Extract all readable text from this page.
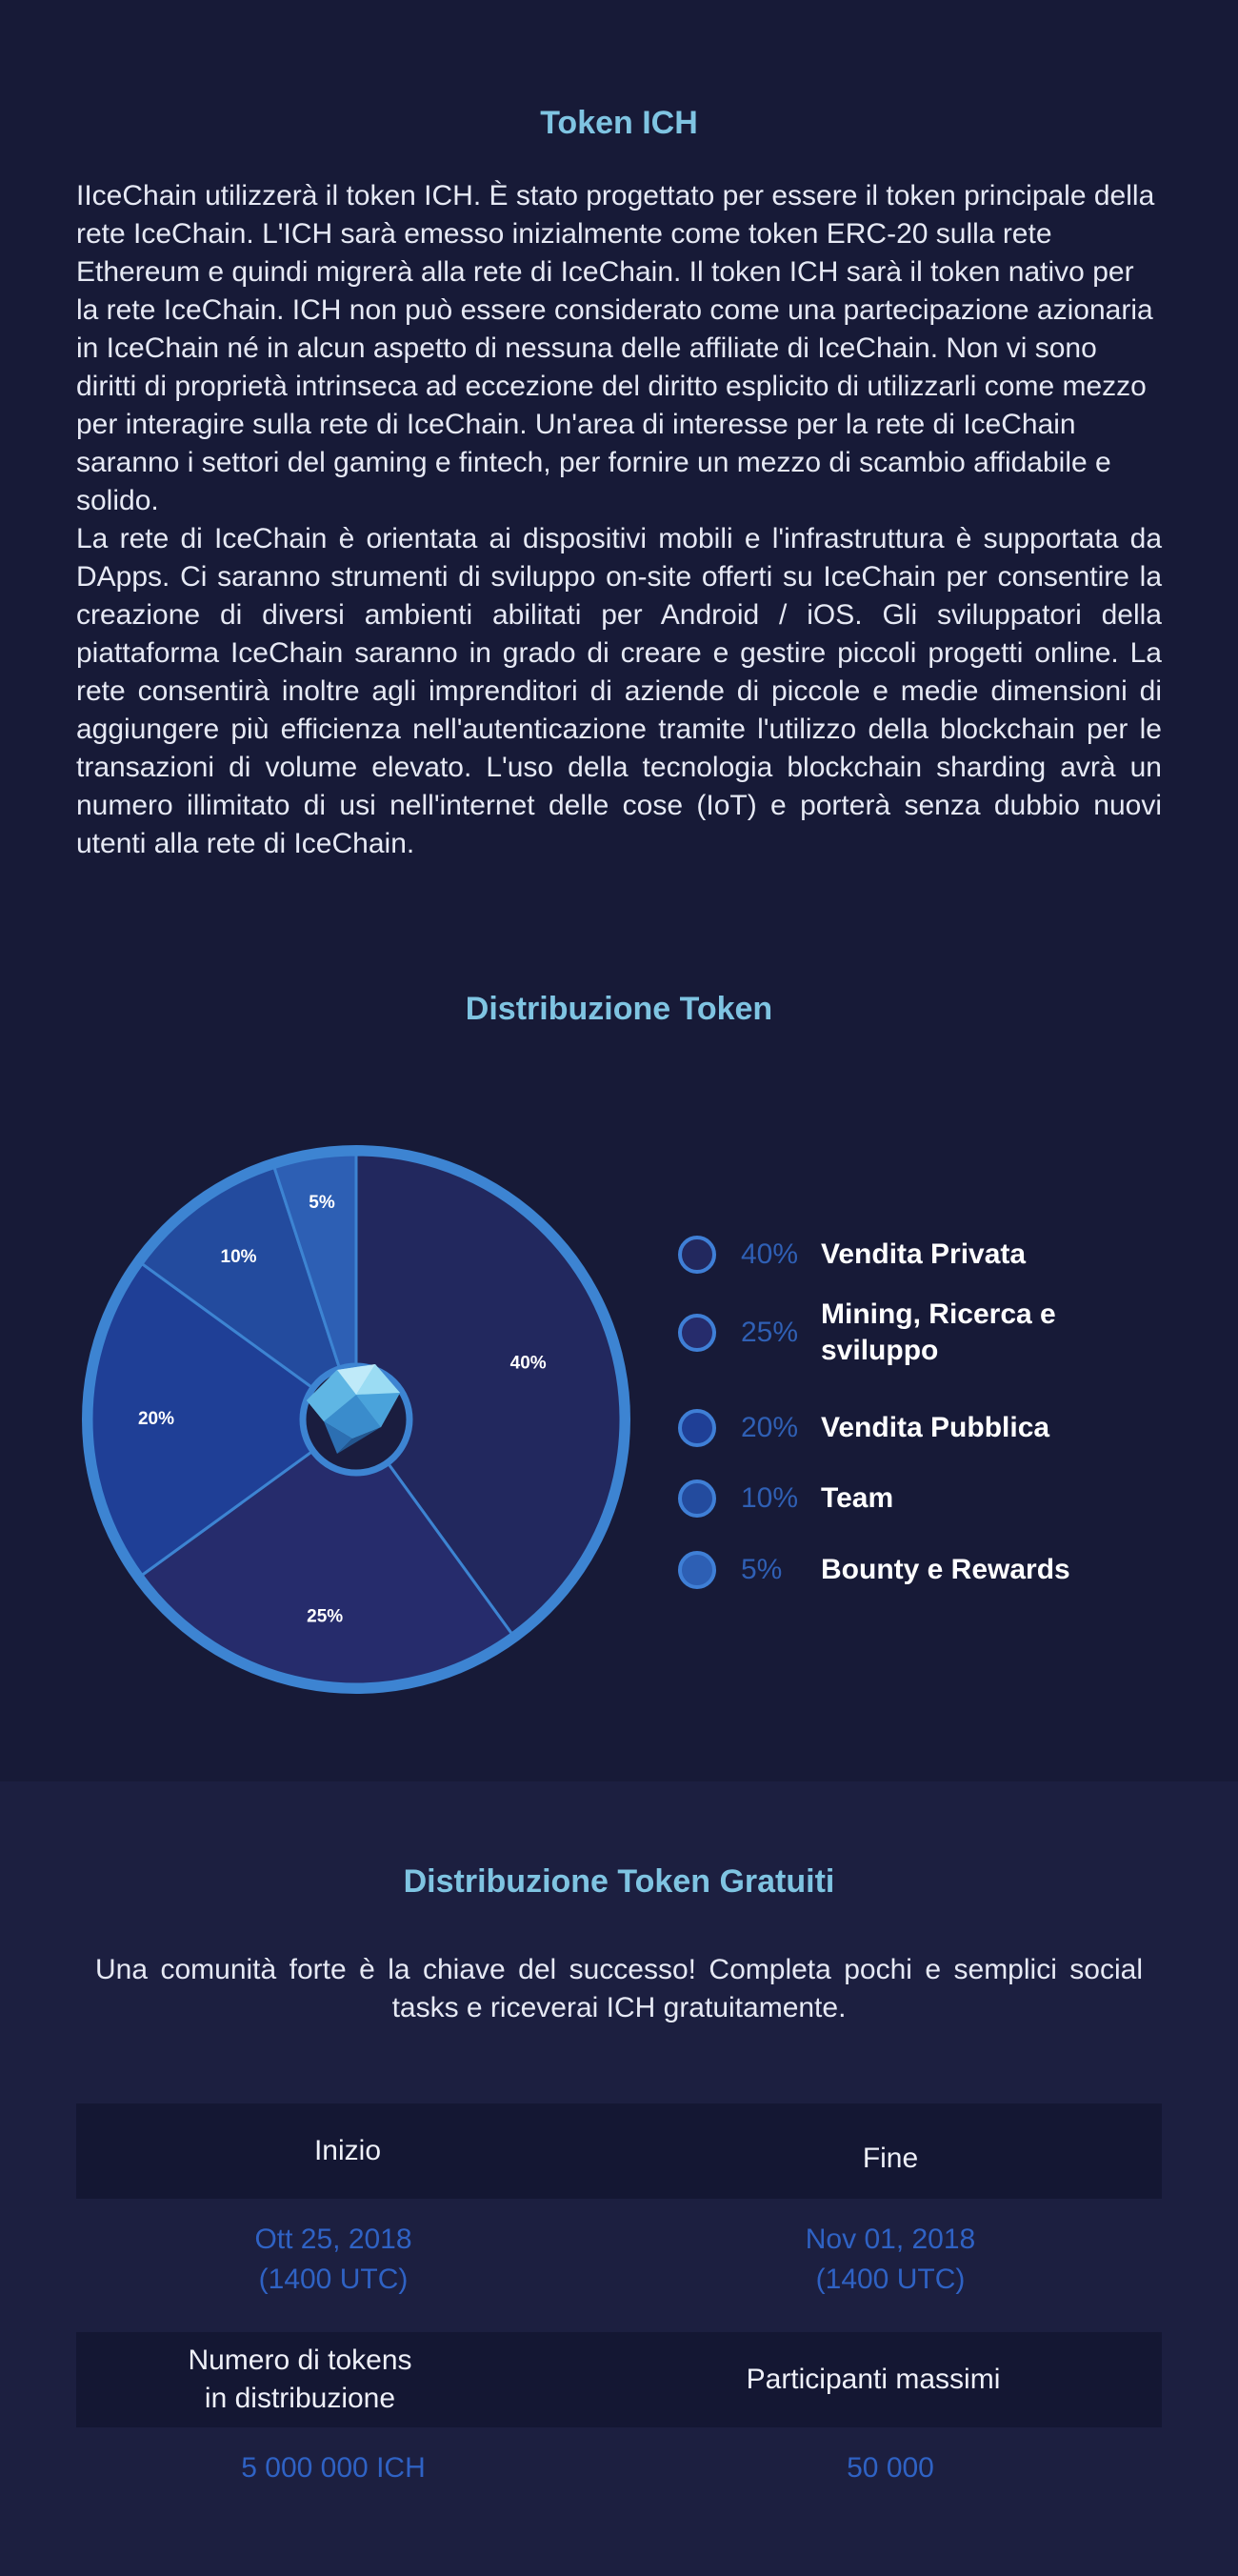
Token ICH
IIceChain utilizzerà il token ICH. È stato progettato per essere il token principale della rete IceChain. L'ICH sarà emesso inizialmente come token ERC-20 sulla rete Ethereum e quindi migrerà alla rete di IceChain. Il token ICH sarà il token nativo per la rete IceChain. ICH non può essere considerato come una partecipazione azionaria in IceChain né in alcun aspetto di nessuna delle affiliate di IceChain. Non vi sono diritti di proprietà intrinseca ad eccezione del diritto esplicito di utilizzarli come mezzo per interagire sulla rete di IceChain. Un'area di interesse per la rete di IceChain saranno i settori del gaming e fintech, per fornire un mezzo di scambio affidabile e solido.
La rete di IceChain è orientata ai dispositivi mobili e l'infrastruttura è supportata da DApps. Ci saranno strumenti di sviluppo on-site offerti su IceChain per consentire la creazione di diversi ambienti abilitati per Android / iOS. Gli sviluppatori della piattaforma IceChain saranno in grado di creare e gestire piccoli progetti online. La rete consentirà inoltre agli imprenditori di aziende di piccole e medie dimensioni di aggiungere più efficienza nell'autenticazione tramite l'utilizzo della blockchain per le transazioni di volume elevato. L'uso della tecnologia blockchain sharding avrà un numero illimitato di usi nell'internet delle cose (IoT) e porterà senza dubbio nuovi utenti alla rete di IceChain.
Distribuzione Token
40%
25%
20%
10%
5%
40% Vendita Privata
25%
Mining, Ricerca e sviluppo
20% Vendita Pubblica
10% Team
5% Bounty e Rewards
Distribuzione Token Gratuiti
Una comunità forte è la chiave del successo! Completa pochi e semplici social tasks e riceverai ICH gratuitamente.
Inizio	Fine
Ott 25, 2018
(1400 UTC)
Nov 01, 2018
(1400 UTC)
Numero di tokens
in distribuzione
Participanti massimi
5 000 000 ICH	50 000
